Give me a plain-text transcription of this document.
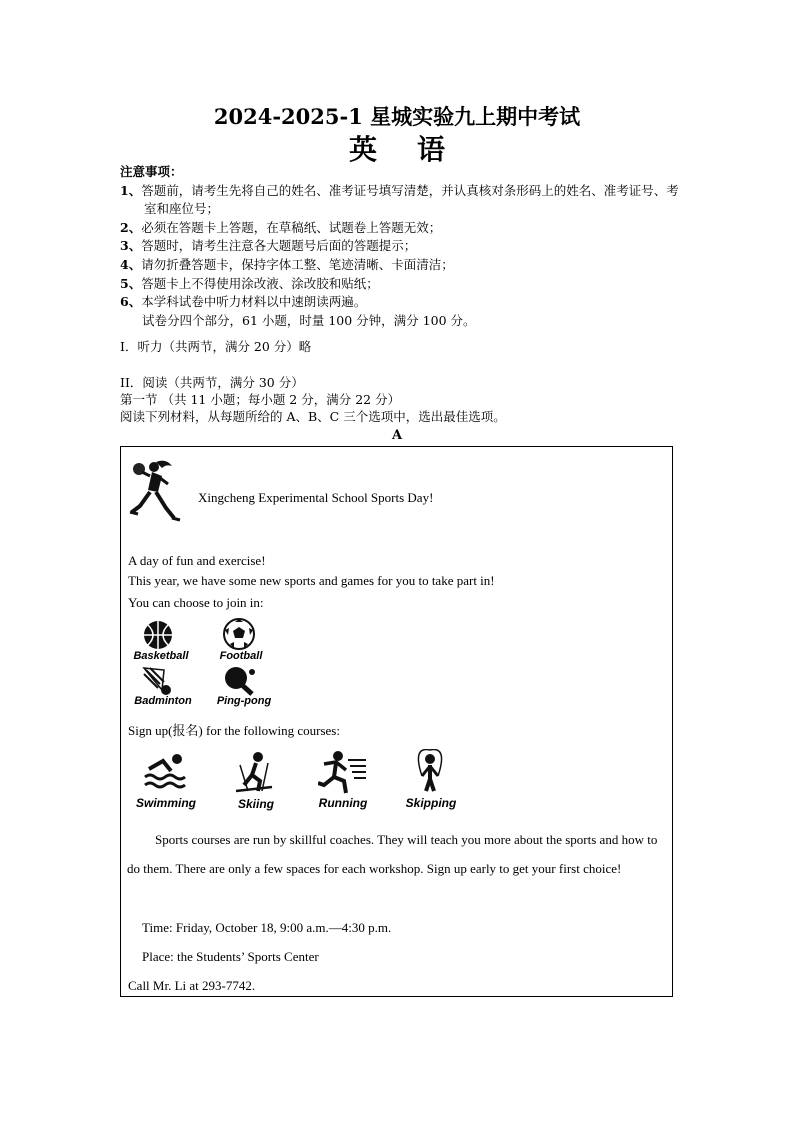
2024-2025-1 星城实验九上期中考试
英语
注意事项：
1、答题前，请考生先将自己的姓名、准考证号填写清楚，并认真核对条形码上的姓名、准考证号、考室和座位号；
2、必须在答题卡上答题，在草稿纸、试题卷上答题无效；
3、答题时，请考生注意各大题题号后面的答题提示；
4、请勿折叠答题卡，保持字体工整、笔迹清晰、卡面清洁；
5、答题卡上不得使用涂改液、涂改胶和贴纸；
6、本学科试卷中听力材料以中速朗读两遍。
试卷分四个部分，61 小题，时量 100 分钟，满分 100 分。
I．听力（共两节，满分 20 分）略
II．阅读（共两节，满分 30 分）
第一节 （共 11 小题；每小题 2 分，满分 22 分）
阅读下列材料，从每题所给的 A、B、C 三个选项中，选出最佳选项。
A
Xingcheng Experimental School Sports Day!
A day of fun and exercise!
This year, we have some new sports and games for you to take part in!
You can choose to join in:
Basketball	Football
Badminton	Ping-pong
Sign up(报名) for the following courses:
Swimming	Skiing	Running	Skipping
Sports courses are run by skillful coaches. They will teach you more about the sports and how to do them. There are only a few spaces for each workshop. Sign up early to get your first choice!
Time: Friday, October 18, 9:00 a.m.—4:30 p.m.
Place: the Students’ Sports Center
Call Mr. Li at 293-7742.
